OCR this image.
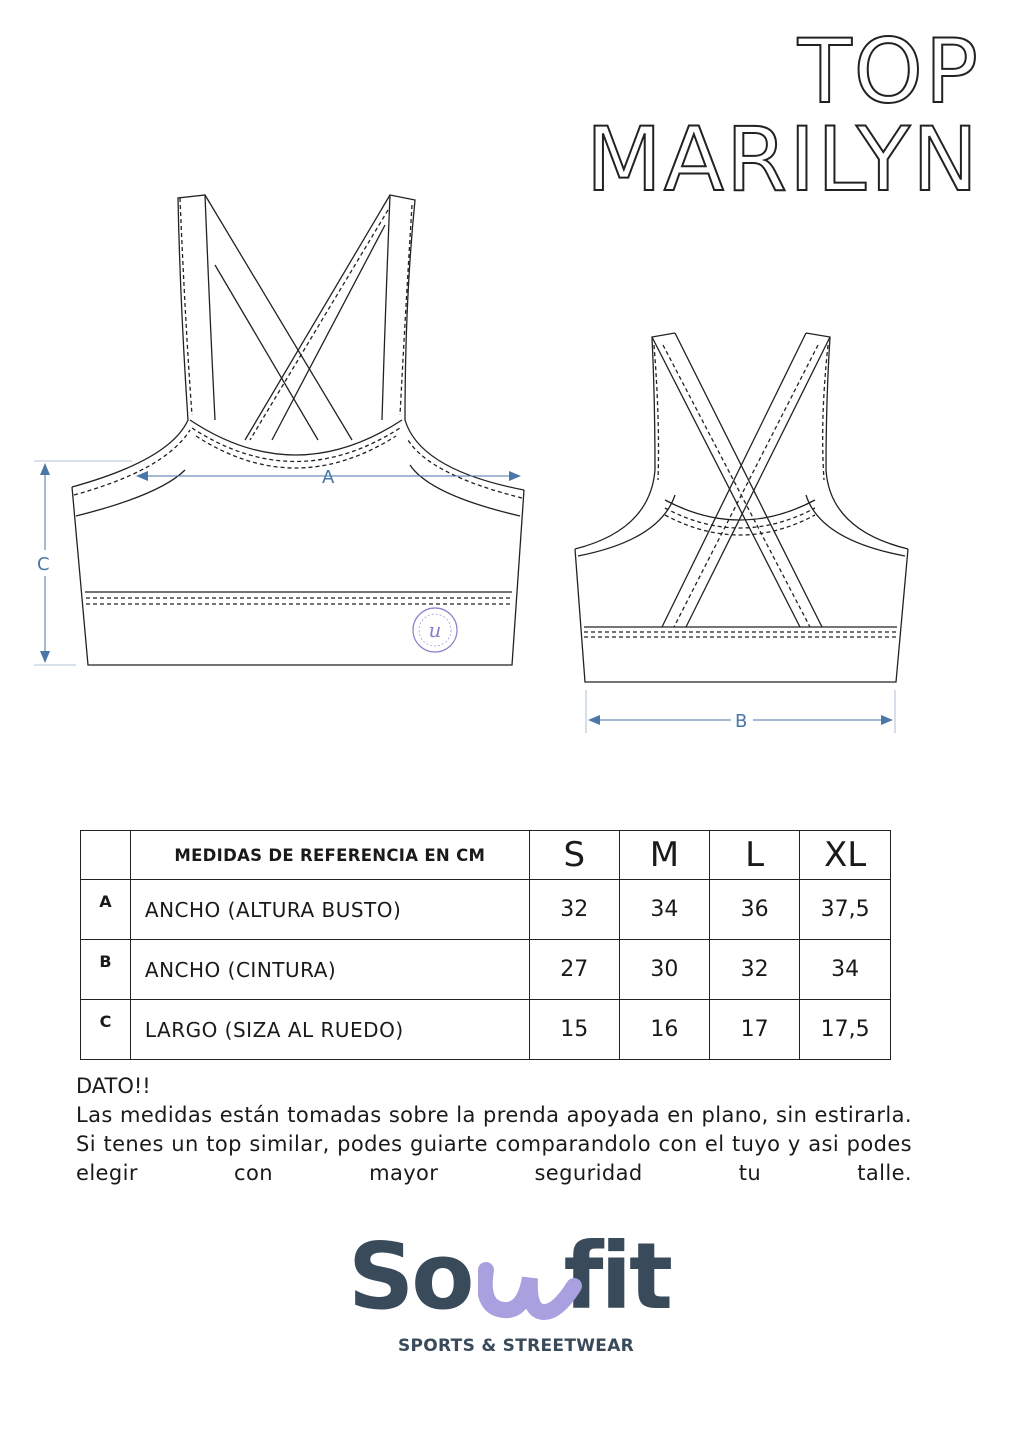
TOP
MARILYN
u
A
C
B
	MEDIDAS DE REFERENCIA EN CM	S	M	L	XL
A	ANCHO (ALTURA BUSTO)	32	34	36	37,5
B	ANCHO (CINTURA)	27	30	32	34
C	LARGO (SIZA AL RUEDO)	15	16	17	17,5
DATO!!
Las medidas están tomadas sobre la prenda apoyada en plano, sin estirarla. Si tenes un top similar, podes guiarte comparandolo con el tuyo y asi podes elegir con mayor seguridad tu talle.
So fit
SPORTS & STREETWEAR
